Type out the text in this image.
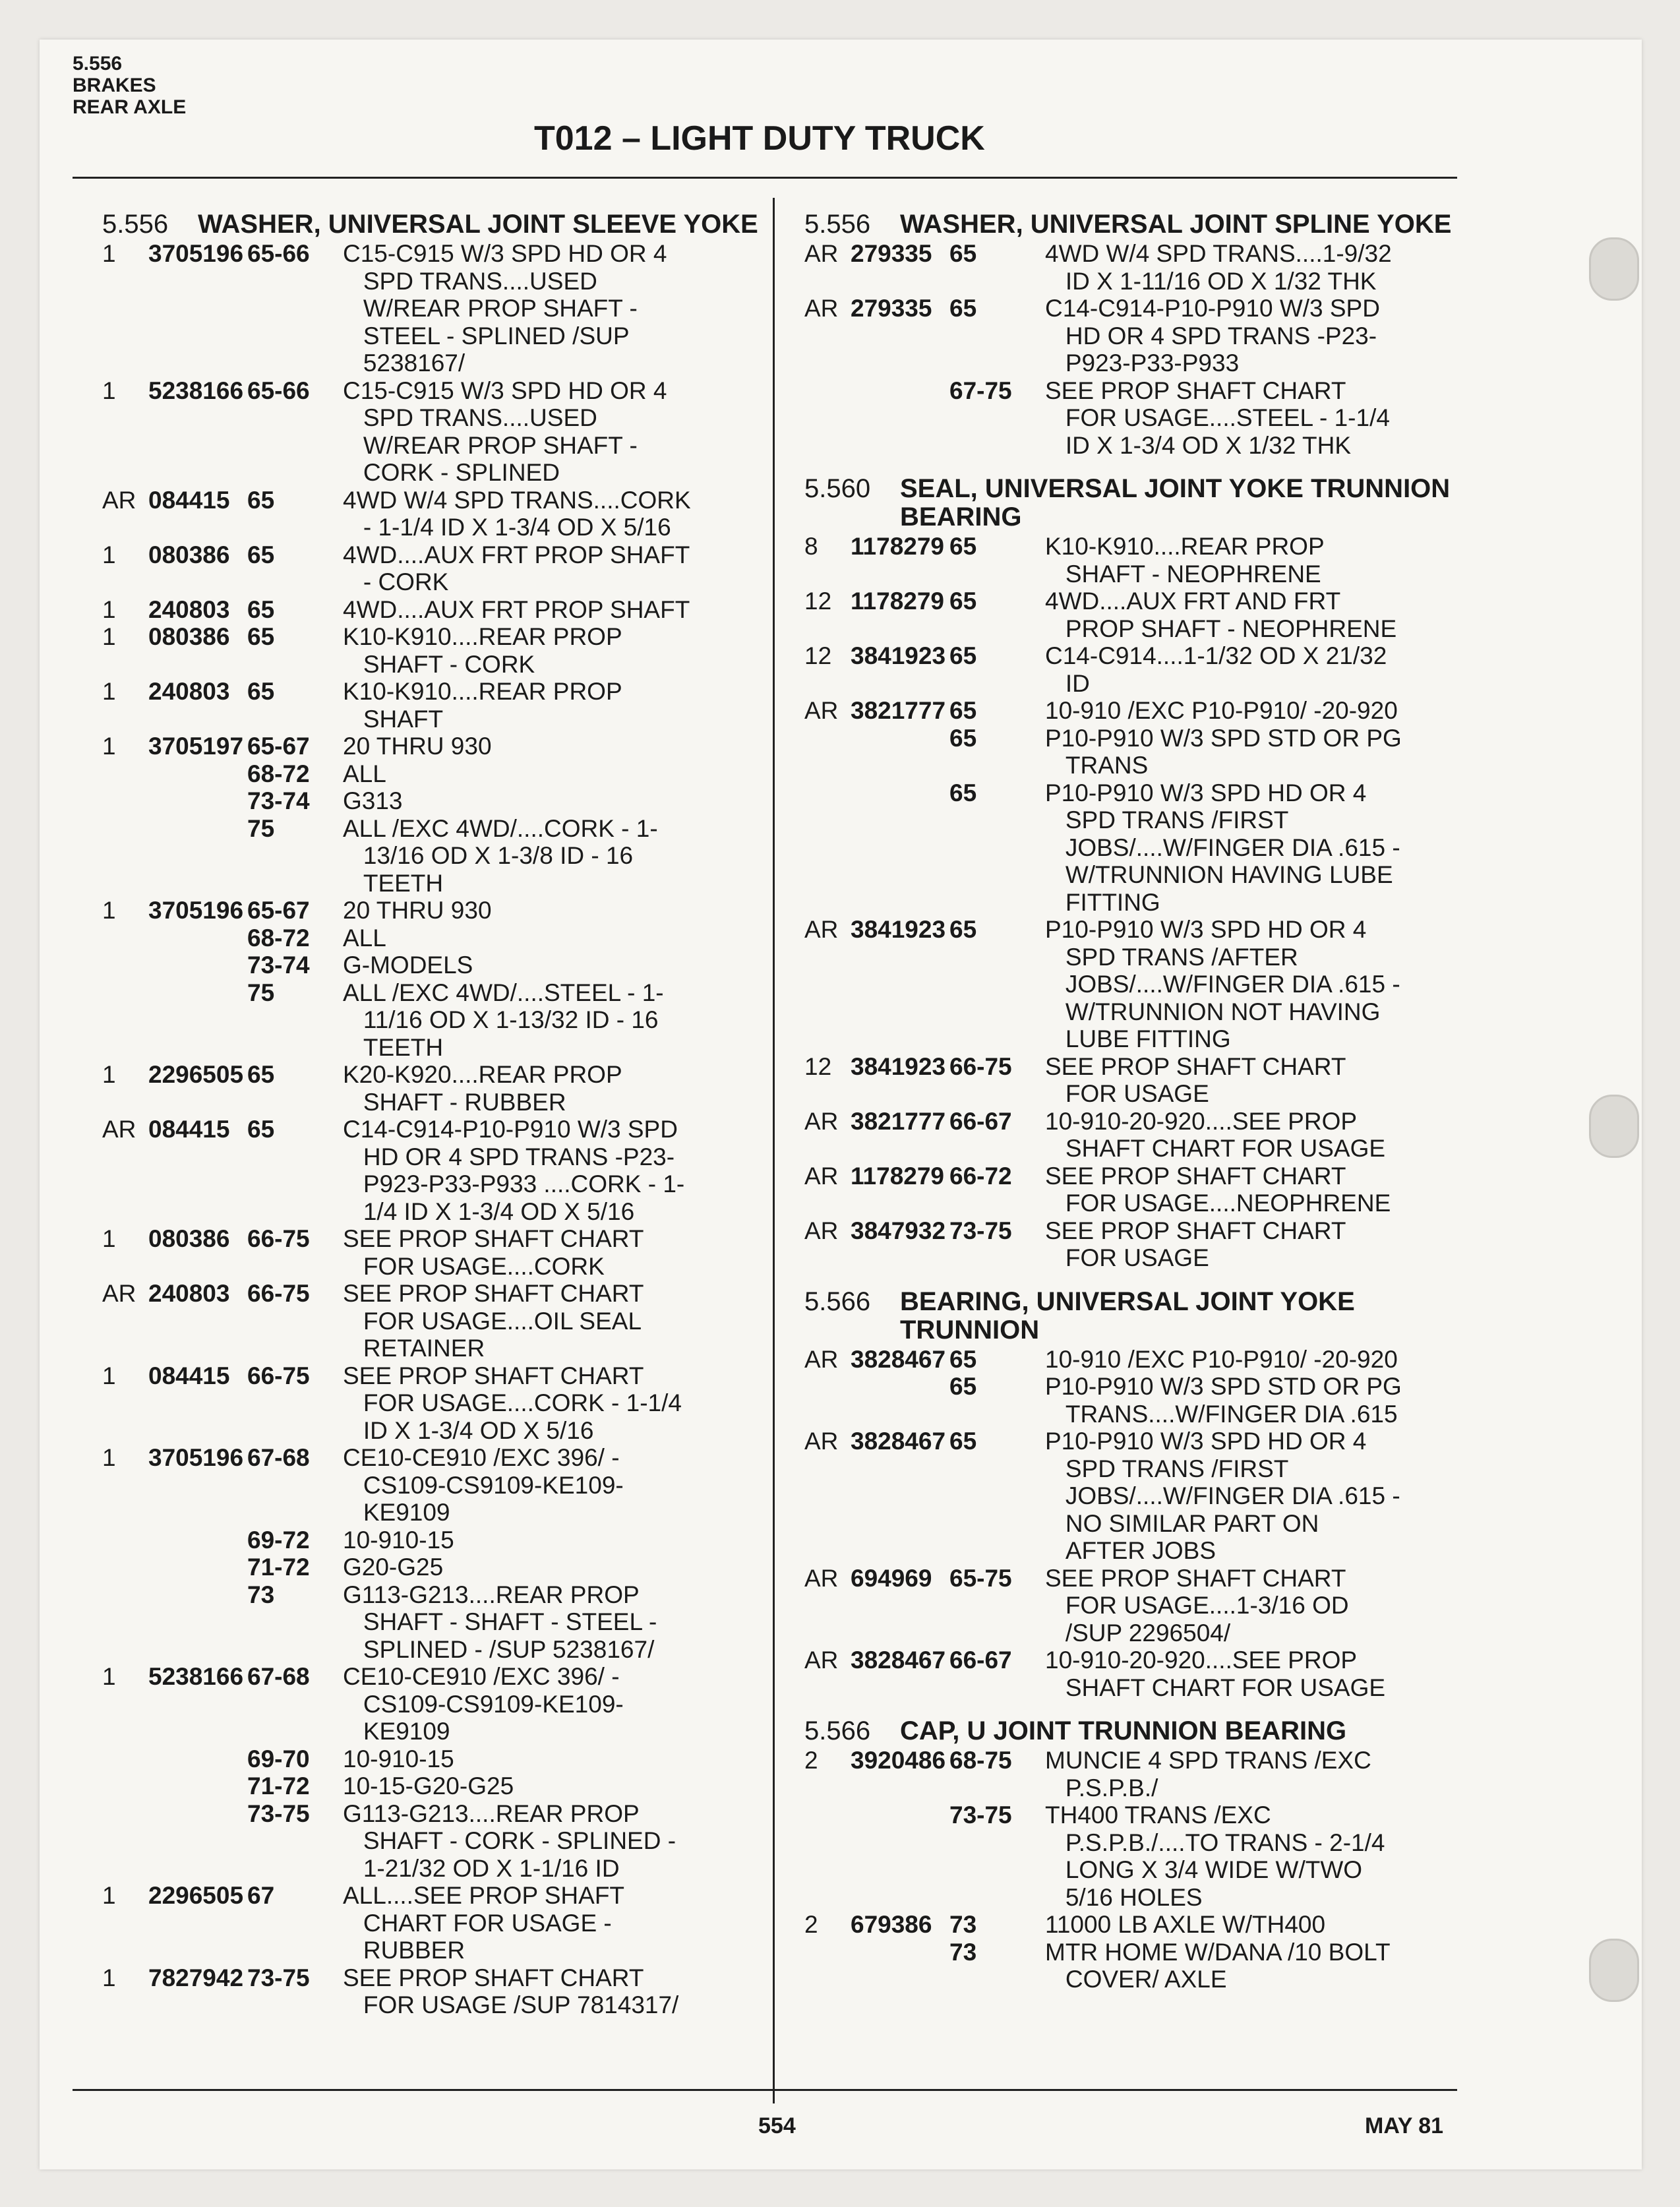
5.556
BRAKES
REAR AXLE
T012 – LIGHT DUTY TRUCK
5.556	WASHER, UNIVERSAL JOINT SLEEVE YOKE
1	3705196 65-66	C15-C915 W/3 SPD HD OR 4
SPD TRANS....USED
W/REAR PROP SHAFT -
STEEL - SPLINED /SUP
5238167/
1	5238166 65-66	C15-C915 W/3 SPD HD OR 4
SPD TRANS....USED
W/REAR PROP SHAFT -
CORK - SPLINED
AR 084415 65	4WD W/4 SPD TRANS....CORK
- 1-1/4 ID X 1-3/4 OD X 5/16
1	080386 65	4WD....AUX FRT PROP SHAFT
- CORK
1	240803 65	4WD....AUX FRT PROP SHAFT
1	080386 65	K10-K910....REAR PROP
SHAFT - CORK
1	240803 65	K10-K910....REAR PROP
SHAFT
1	3705197 65-67	20 THRU 930
68-72	ALL
73-74	G313
75	ALL /EXC 4WD/....CORK - 1-
13/16 OD X 1-3/8 ID - 16
TEETH
1	3705196 65-67	20 THRU 930
68-72	ALL
73-74	G-MODELS
75	ALL /EXC 4WD/....STEEL - 1-
11/16 OD X 1-13/32 ID - 16
TEETH
1	2296505 65	K20-K920....REAR PROP
SHAFT - RUBBER
AR 084415 65	C14-C914-P10-P910 W/3 SPD
HD OR 4 SPD TRANS -P23-
P923-P33-P933 ....CORK - 1-
1/4 ID X 1-3/4 OD X 5/16
1	080386 66-75	SEE PROP SHAFT CHART
FOR USAGE....CORK
AR 240803 66-75	SEE PROP SHAFT CHART
FOR USAGE....OIL SEAL
RETAINER
1	084415 66-75	SEE PROP SHAFT CHART
FOR USAGE....CORK - 1-1/4
ID X 1-3/4 OD X 5/16
1	3705196 67-68	CE10-CE910 /EXC 396/ -
CS109-CS9109-KE109-
KE9109
69-72	10-910-15
71-72	G20-G25
73	G113-G213....REAR PROP
SHAFT - SHAFT - STEEL -
SPLINED - /SUP 5238167/
1	5238166 67-68	CE10-CE910 /EXC 396/ -
CS109-CS9109-KE109-
KE9109
69-70	10-910-15
71-72	10-15-G20-G25
73-75	G113-G213....REAR PROP
SHAFT - CORK - SPLINED -
1-21/32 OD X 1-1/16 ID
1	2296505 67	ALL....SEE PROP SHAFT
CHART FOR USAGE -
RUBBER
1	7827942 73-75	SEE PROP SHAFT CHART
FOR USAGE /SUP 7814317/
5.556	WASHER, UNIVERSAL JOINT SPLINE YOKE
AR 279335 65	4WD W/4 SPD TRANS....1-9/32
ID X 1-11/16 OD X 1/32 THK
AR 279335 65	C14-C914-P10-P910 W/3 SPD
HD OR 4 SPD TRANS -P23-
P923-P33-P933
67-75	SEE PROP SHAFT CHART
FOR USAGE....STEEL - 1-1/4
ID X 1-3/4 OD X 1/32 THK
5.560	SEAL, UNIVERSAL JOINT YOKE TRUNNION BEARING
8	1178279 65	K10-K910....REAR PROP
SHAFT - NEOPHRENE
12 1178279 65	4WD....AUX FRT AND FRT
PROP SHAFT - NEOPHRENE
12 3841923 65	C14-C914....1-1/32 OD X 21/32
ID
AR 3821777 65	10-910 /EXC P10-P910/ -20-920
65	P10-P910 W/3 SPD STD OR PG
TRANS
65	P10-P910 W/3 SPD HD OR 4
SPD TRANS /FIRST
JOBS/....W/FINGER DIA .615 -
W/TRUNNION HAVING LUBE
FITTING
AR 3841923 65	P10-P910 W/3 SPD HD OR 4
SPD TRANS /AFTER
JOBS/....W/FINGER DIA .615 -
W/TRUNNION NOT HAVING
LUBE FITTING
12 3841923 66-75	SEE PROP SHAFT CHART
FOR USAGE
AR 3821777 66-67	10-910-20-920....SEE PROP
SHAFT CHART FOR USAGE
AR 1178279 66-72	SEE PROP SHAFT CHART
FOR USAGE....NEOPHRENE
AR 3847932 73-75	SEE PROP SHAFT CHART
FOR USAGE
5.566	BEARING, UNIVERSAL JOINT YOKE TRUNNION
AR 3828467 65	10-910 /EXC P10-P910/ -20-920
65	P10-P910 W/3 SPD STD OR PG
TRANS....W/FINGER DIA .615
AR 3828467 65	P10-P910 W/3 SPD HD OR 4
SPD TRANS /FIRST
JOBS/....W/FINGER DIA .615 -
NO SIMILAR PART ON
AFTER JOBS
AR 694969 65-75	SEE PROP SHAFT CHART
FOR USAGE....1-3/16 OD
/SUP 2296504/
AR 3828467 66-67	10-910-20-920....SEE PROP
SHAFT CHART FOR USAGE
5.566	CAP, U JOINT TRUNNION BEARING
2	3920486 68-75	MUNCIE 4 SPD TRANS /EXC
P.S.P.B./
73-75	TH400 TRANS /EXC
P.S.P.B./....TO TRANS - 2-1/4
LONG X 3/4 WIDE W/TWO
5/16 HOLES
2	679386 73	11000 LB AXLE W/TH400
73	MTR HOME W/DANA /10 BOLT
COVER/ AXLE
554	MAY 81
